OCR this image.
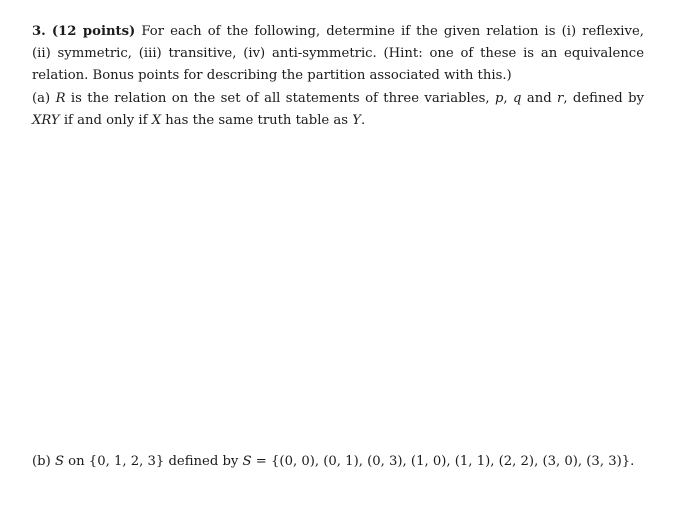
3. (12 points) For each of the following, determine if the given relation is (i) reflexive,

(ii) symmetric, (iii) transitive, (iv) anti-symmetric. (Hint: one of these is an equivalence

relation. Bonus points for describing the partition associated with this.)

(a) R is the relation on the set of all statements of three variables, p, q and r, defined by

XRY if and only if X has the same truth table as Y.

(b) S on {0, 1, 2, 3} defined by S = {(0, 0), (0, 1), (0, 3), (1, 0), (1, 1), (2, 2), (3, 0), (3, 3)}.
